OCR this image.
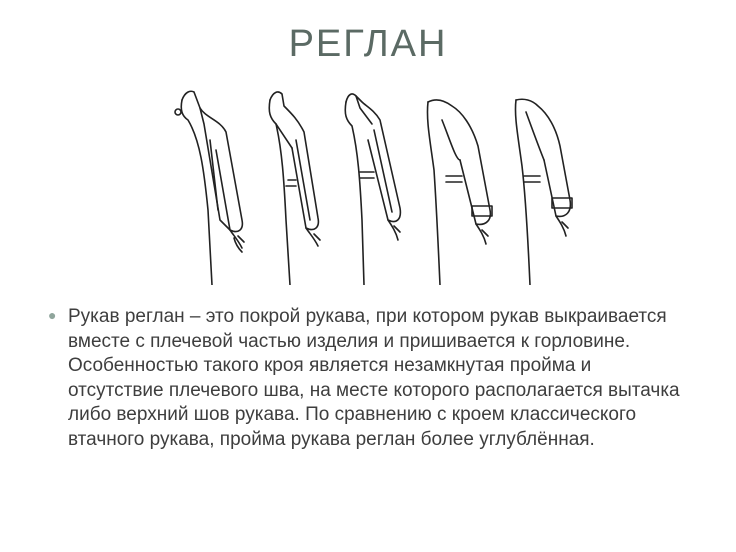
РЕГЛАН
● Рукав реглан – это покрой рукава, при котором рукав выкраивается вместе с плечевой частью изделия и пришивается к горловине. Особенностью такого кроя является незамкнутая пройма и отсутствие плечевого шва, на месте которого располагается вытачка либо верхний шов рукава. По сравнению с кроем классического втачного рукава, пройма рукава реглан более углублённая.
